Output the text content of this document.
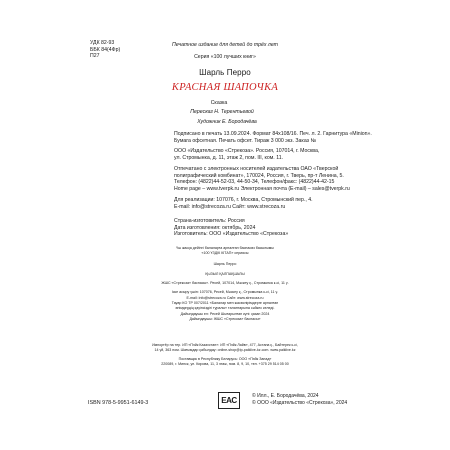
УДК 82-93
ББК 84(4Фр)
П27
Печатное издание для детей до трёх лет
Серия «100 лучших книг»
Шарль Перро
КРАСНАЯ ШАПОЧКА
Сказка
Пересказ Н. Терентьевой
Художник Е. Бородачёва
Подписано в печать 13.09.2024. Формат 84х108/16. Печ. л. 2. Гарнитура «Minion».
Бумага офсетная. Печать офсет. Тираж 3 000 экз. Заказ №
ООО «Издательство «Стрекоза». Россия, 107014, г. Москва,
ул. Стромынка, д. 11, этаж 2, пом. III, ком. 11.
Отпечатано с электронных носителей издательства ОАО «Тверской
полиграфический комбинат», 170024, Россия, г. Тверь, пр-т Ленина, 5.
Телефон: (4822)44-52-03, 44-50-34, Телефон/факс: (4822)44-42-15
Home page – www.tverpk.ru Электронная почта (E-mail) – sales@tverpk.ru
Для реализации: 107076, г. Москва, Стромынский пер., 4.
E-mail: info@strecoza.ru Сайт: www.strecoza.ru
Страна-изготовитель: Россия
Дата изготовления: октябрь, 2024
Изготовитель: ООО «Издательство «Стрекоза»
Үш жасқа дейінгі балаларға арналған баспасөз басылымы
«100 ҮЗДІК КІТАП» сериясы
Шарль Перро
ҚЫЗЫЛ ҚАЛПАҚШАЛЫ
ЖШС «Стрекоза» баспасы». Ресей, 107014, Мәскеу қ., Стромынка к-сі, 11 ү.
Іске асыру үшін: 107076, Ресей, Мәскеу қ., Стромынка к-сі, 11 ү.
E-mail: info@strecoza.ru Сайт: www.strecoza.ru
Тауар КО ТР 007/2011 «Балалар мен жасөспірімдерге арналған
өнімдердің қауіпсіздігі туралы» талаптарына сәйкес келеді.
Дайындаушы ел: Ресей Шығарылған күні: қазан 2024
Дайындаушы: ЖШС «Стрекоза» баспасы»
Импортёр на тер. ИП «Пэйк Казахстан»: ИП «Пэйк Лайв», 477, Астана қ., Байтерек к-сі,
14 үй, 363 пом. Шағымдар қабылдау: online-shop@ip-paiklive-kz.com. www.paiklive.kz
Поставщик в Республику Беларусь: ООО «Пэйк Запад»
220089, г. Минск, ул. Кирова, 11, 3 этаж, пом. 8, 9, 10, тел. +375 29 514 05 00
ISBN 978-5-9951-6149-3	EAC	© Илл., Е. Бородачёва, 2024
© ООО «Издательство «Стрекоза», 2024
